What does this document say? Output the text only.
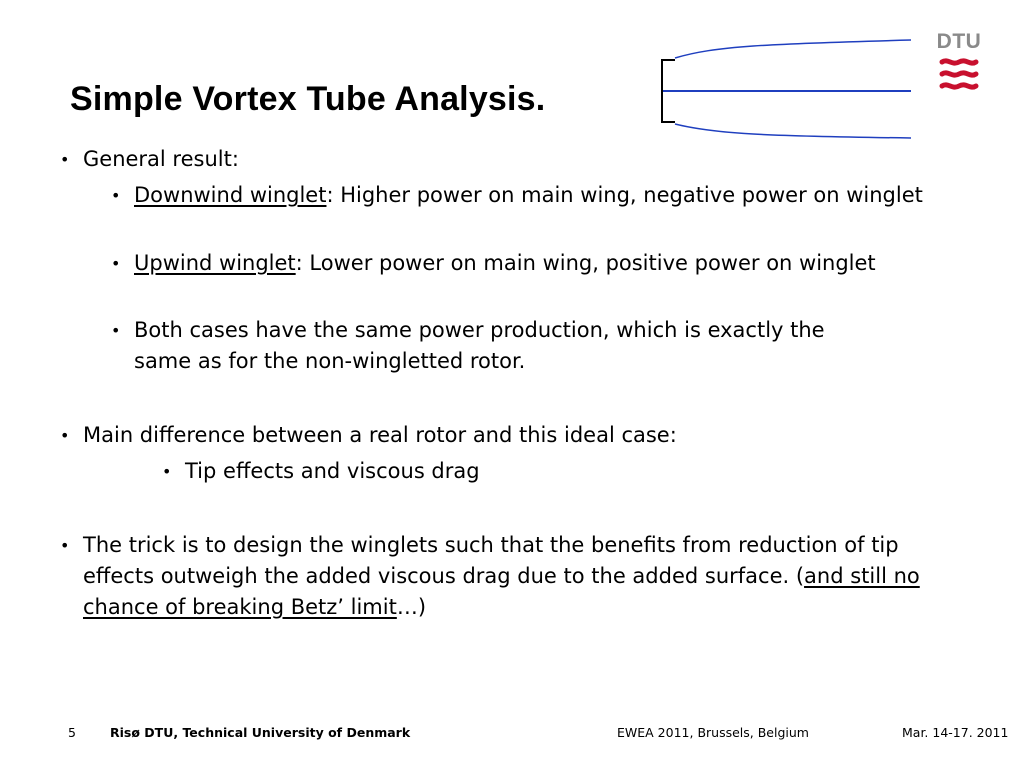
Simple Vortex Tube Analysis.
DTU
• General result:
• Downwind winglet: Higher power on main wing, negative power on winglet
• Upwind winglet: Lower power on main wing, positive power on winglet
• Both cases have the same power production, which is exactly the same as for the non-wingletted rotor.
• Main difference between a real rotor and this ideal case:
• Tip effects and viscous drag
• The trick is to design the winglets such that the benefits from reduction of tip effects outweigh the added viscous drag due to the added surface. (and still no chance of breaking Betz’ limit…)
5	Risø DTU, Technical University of Denmark	EWEA 2011, Brussels, Belgium	Mar. 14-17. 2011
